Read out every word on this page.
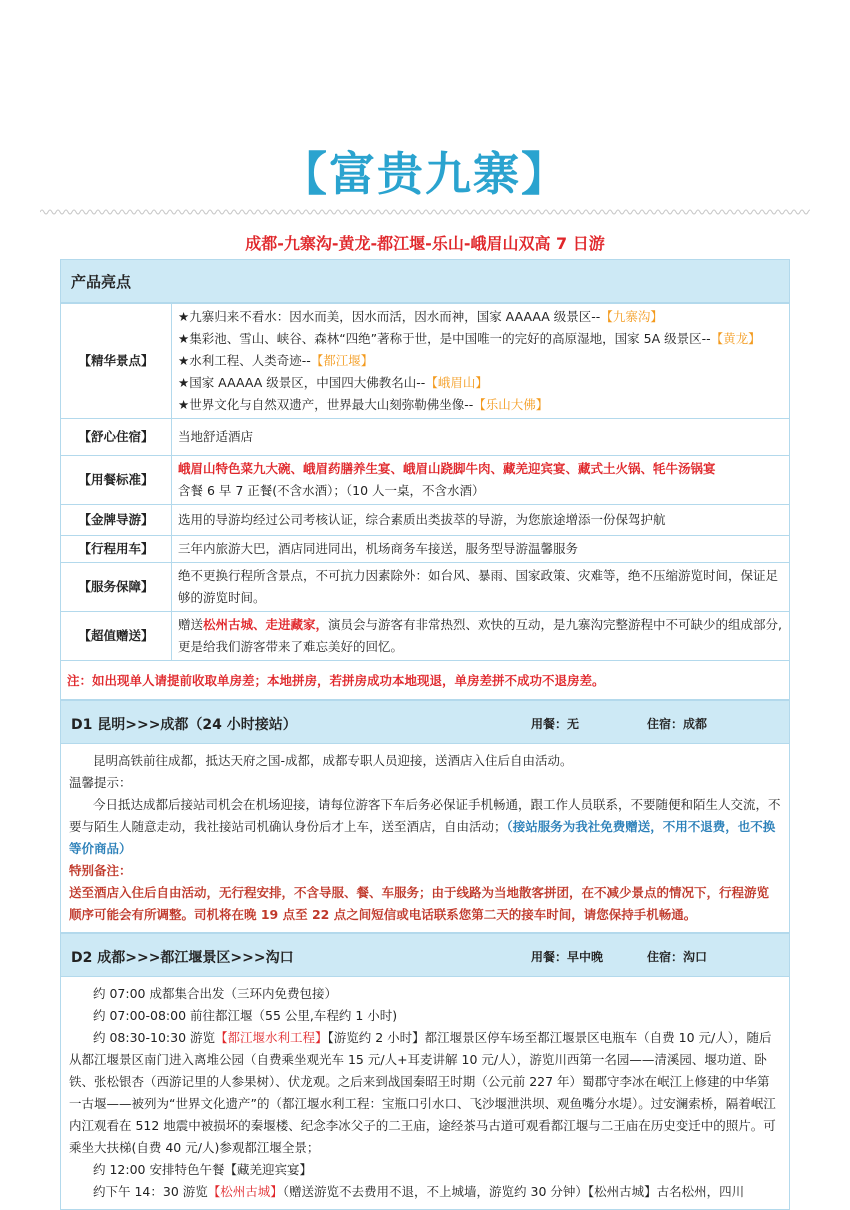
【富贵九寨】
成都-九寨沟-黄龙-都江堰-乐山-峨眉山双高 7 日游
产品亮点
【精华景点】	★九寨归来不看水：因水而美，因水而活，因水而神，国家 AAAAA 级景区--【九寨沟】
★集彩池、雪山、峡谷、森林“四绝”著称于世，是中国唯一的完好的高原湿地，国家 5A 级景区--【黄龙】
★水利工程、人类奇迹--【都江堰】
★国家 AAAAA 级景区，中国四大佛教名山--【峨眉山】
★世界文化与自然双遗产，世界最大山刻弥勒佛坐像--【乐山大佛】

【舒心住宿】	当地舒适酒店
【用餐标准】	峨眉山特色菜九大碗、峨眉药膳养生宴、峨眉山跷脚牛肉、藏羌迎宾宴、藏式土火锅、牦牛汤锅宴
含餐 6 早 7 正餐(不含水酒）；（10 人一桌，不含水酒）

【金牌导游】	选用的导游均经过公司考核认证，综合素质出类拔萃的导游，为您旅途增添一份保驾护航
【行程用车】	三年内旅游大巴，酒店同进同出，机场商务车接送，服务型导游温馨服务
【服务保障】	绝不更换行程所含景点，不可抗力因素除外：如台风、暴雨、国家政策、灾难等，绝不压缩游览时间，保证足够的游览时间。
【超值赠送】	赠送松州古城、走进藏家，演员会与游客有非常热烈、欢快的互动，是九寨沟完整游程中不可缺少的组成部分,更是给我们游客带来了难忘美好的回忆。
注：如出现单人请提前收取单房差；本地拼房，若拼房成功本地现退，单房差拼不成功不退房差。
D1 昆明>>>成都（24 小时接站）	用餐：无	住宿：成都

昆明高铁前往成都，抵达天府之国-成都，成都专职人员迎接，送酒店入住后自由活动。

温馨提示：

今日抵达成都后接站司机会在机场迎接，请每位游客下车后务必保证手机畅通，跟工作人员联系，不要随便和陌生人交流，不要与陌生人随意走动，我社接站司机确认身份后才上车，送至酒店，自由活动；（接站服务为我社免费赠送，不用不退费，也不换等价商品）

特别备注：

送至酒店入住后自由活动，无行程安排，不含导服、餐、车服务；由于线路为当地散客拼团，在不减少景点的情况下，行程游览顺序可能会有所调整。司机将在晚 19 点至 22 点之间短信或电话联系您第二天的接车时间，请您保持手机畅通。

D2 成都>>>都江堰景区>>>沟口	用餐：早中晚	住宿：沟口

约 07:00 成都集合出发（三环内免费包接）

约 07:00-08:00 前往都江堰（55 公里,车程约 1 小时)

约 08:30-10:30 游览【都江堰水利工程】【游览约 2 小时】都江堰景区停车场至都江堰景区电瓶车（自费 10 元/人），随后从都江堰景区南门进入离堆公园（自费乘坐观光车 15 元/人+耳麦讲解 10 元/人），游览川西第一名园——清溪园、堰功道、卧铁、张松银杏（西游记里的人参果树）、伏龙观。之后来到战国秦昭王时期（公元前 227 年）蜀郡守李冰在岷江上修建的中华第一古堰——被列为“世界文化遗产”的（都江堰水利工程：宝瓶口引水口、飞沙堰泄洪坝、观鱼嘴分水堤）。过安澜索桥，隔着岷江内江观看在 512 地震中被损坏的秦堰楼、纪念李冰父子的二王庙，途经茶马古道可观看都江堰与二王庙在历史变迁中的照片。可乘坐大扶梯(自费 40 元/人)参观都江堰全景；

约 12:00 安排特色午餐【藏羌迎宾宴】

约下午 14：30 游览【松州古城】（赠送游览不去费用不退，不上城墙，游览约 30 分钟）【松州古城】古名松州，四川
